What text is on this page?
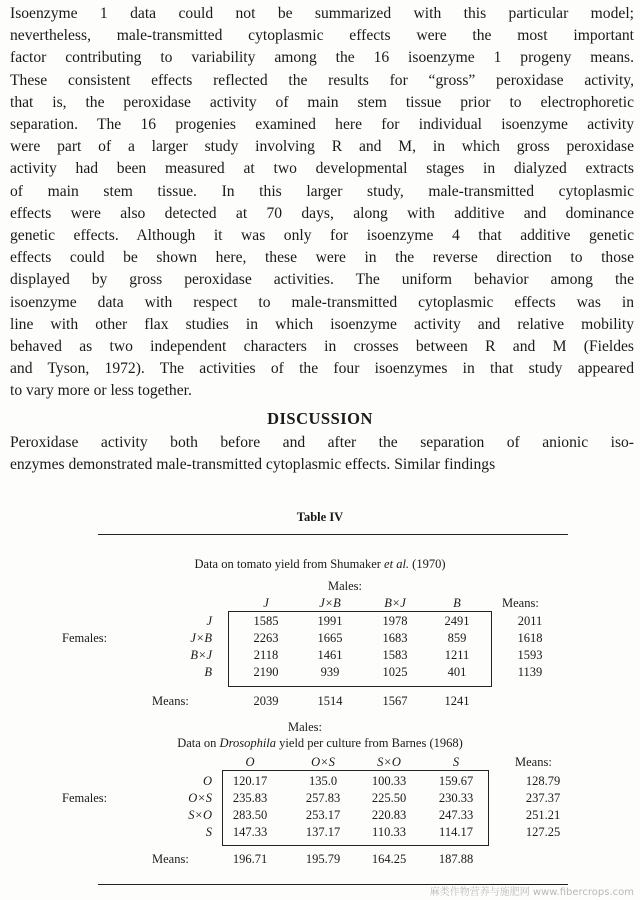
Isoenzyme 1 data could not be summarized with this particular model;
nevertheless, male-transmitted cytoplasmic effects were the most important
factor contributing to variability among the 16 isoenzyme 1 progeny means.
These consistent effects reflected the results for “gross” peroxidase activity,
that is, the peroxidase activity of main stem tissue prior to electrophoretic
separation. The 16 progenies examined here for individual isoenzyme activity
were part of a larger study involving R and M, in which gross peroxidase
activity had been measured at two developmental stages in dialyzed extracts
of main stem tissue. In this larger study, male-transmitted cytoplasmic
effects were also detected at 70 days, along with additive and dominance
genetic effects. Although it was only for isoenzyme 4 that additive genetic
effects could be shown here, these were in the reverse direction to those
displayed by gross peroxidase activities. The uniform behavior among the
isoenzyme data with respect to male-transmitted cytoplasmic effects was in
line with other flax studies in which isoenzyme activity and relative mobility
behaved as two independent characters in crosses between R and M (Fieldes
and Tyson, 1972). The activities of the four isoenzymes in that study appeared
to vary more or less together.
DISCUSSION
Peroxidase activity both before and after the separation of anionic iso-
enzymes demonstrated male-transmitted cytoplasmic effects. Similar findings
Table IV
Data on tomato yield from Shumaker et al. (1970)
Males:
J	J×B	B×J	B	Means:
Females:
J	1585	1991	1978	2491	2011
J×B	2263	1665	1683	859	1618
B×J	2118	1461	1583	1211	1593
B	2190	939	1025	401	1139
Means:	2039	1514	1567	1241
Males:
Data on Drosophila yield per culture from Barnes (1968)
O	O×S	S×O	S	Means:
Females:
O	120.17	135.0	100.33	159.67	128.79
O×S	235.83	257.83	225.50	230.33	237.37
S×O	283.50	253.17	220.83	247.33	251.21
S	147.33	137.17	110.33	114.17	127.25
Means:	196.71	195.79	164.25	187.88
麻类作物营养与施肥网 www.fibercrops.com
